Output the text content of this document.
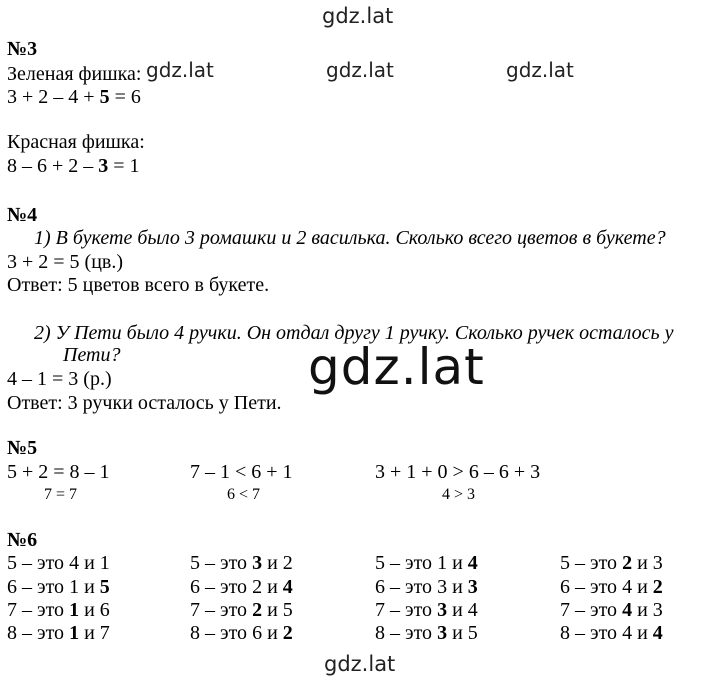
gdz.lat
gdz.lat	gdz.lat	gdz.lat
gdz.lat
gdz.lat
№3
Зеленая фишка:
3 + 2 – 4 + 5 = 6
Красная фишка:
8 – 6 + 2 – 3 = 1
№4
1) В букете было 3 ромашки и 2 василька. Сколько всего цветов в букете?
3 + 2 = 5 (цв.)
Ответ: 5 цветов всего в букете.
2) У Пети было 4 ручки. Он отдал другу 1 ручку. Сколько ручек осталось у
Пети?
4 – 1 = 3 (р.)
Ответ: 3 ручки осталось у Пети.
№5
5 + 2 = 8 – 1
7 = 7
7 – 1 < 6 + 1
6 < 7
3 + 1 + 0 > 6 – 6 + 3
4 > 3
№6
5 – это 4 и 1	5 – это 3 и 2	5 – это 1 и 4	5 – это 2 и 3
6 – это 1 и 5	6 – это 2 и 4	6 – это 3 и 3	6 – это 4 и 2
7 – это 1 и 6	7 – это 2 и 5	7 – это 3 и 4	7 – это 4 и 3
8 – это 1 и 7	8 – это 6 и 2	8 – это 3 и 5	8 – это 4 и 4
